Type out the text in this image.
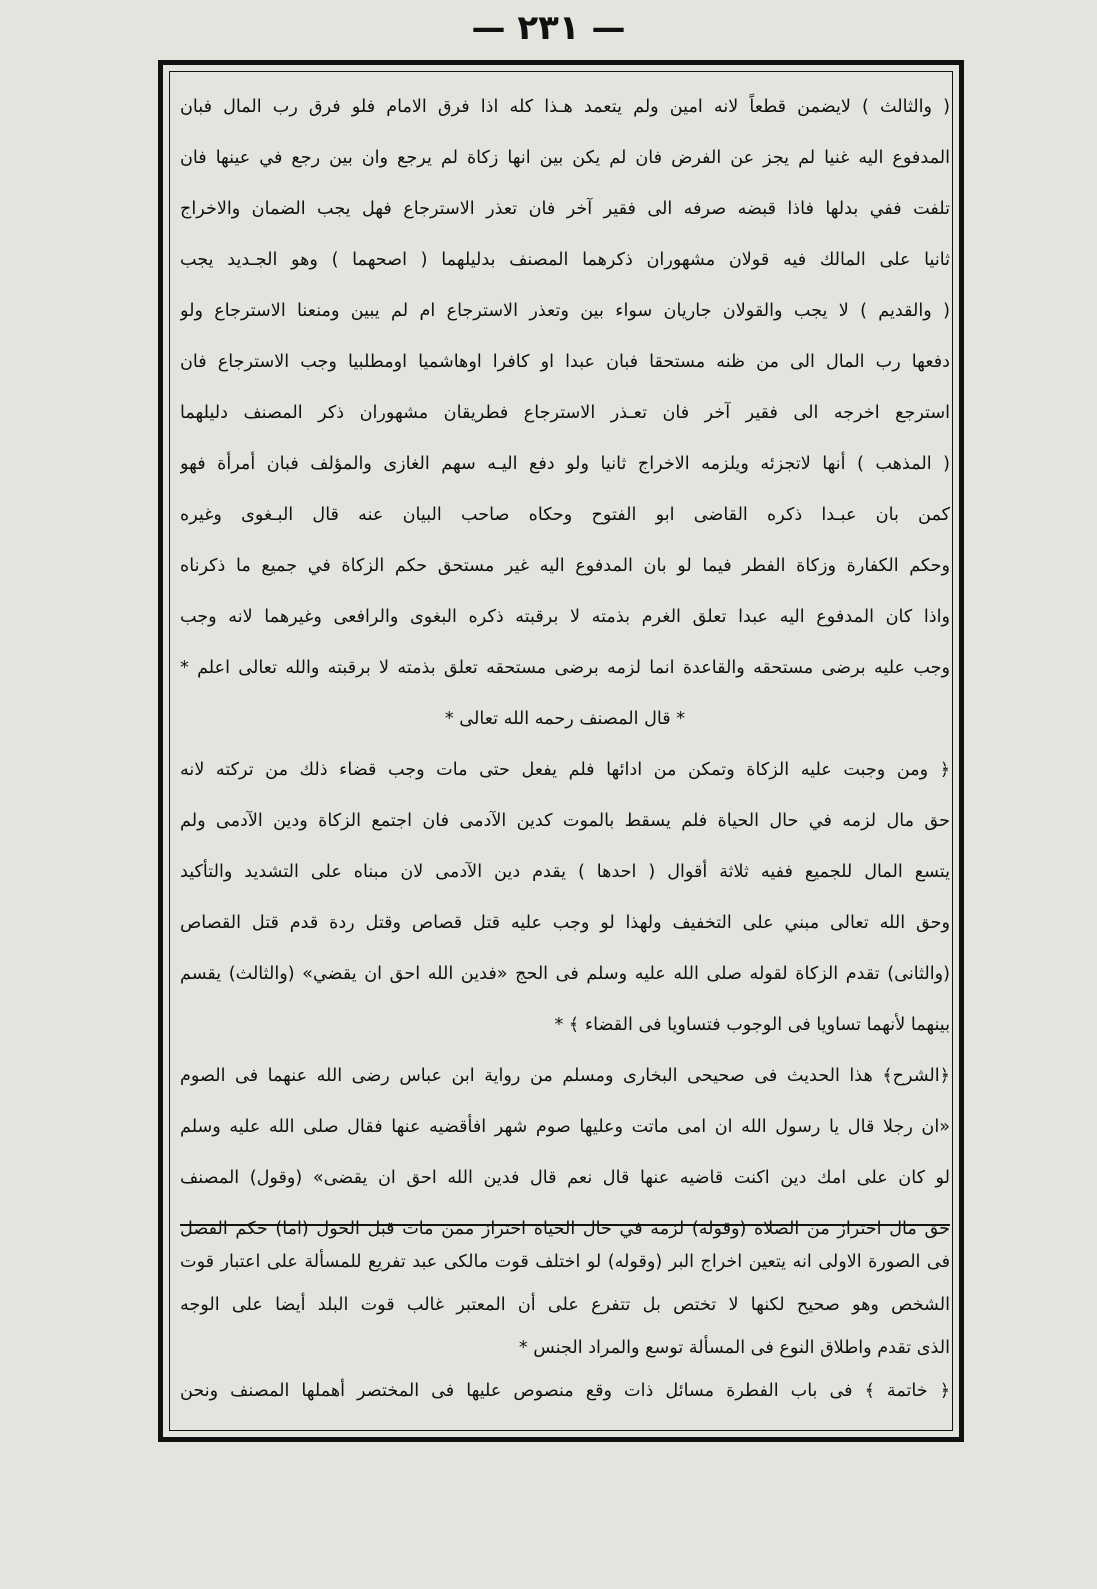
— ٢٣١ —
( والثالث ) لايضمن قطعاً لانه امين ولم يتعمد هـذا كله اذا فرق الامام فلو فرق رب المال فبان
المدفوع اليه غنيا لم يجز عن الفرض فان لم يكن بين انها زكاة لم يرجع وان بين رجع في عينها فان
تلفت ففي بدلها فاذا قبضه صرفه الى فقير آخر فان تعذر الاسترجاع فهل يجب الضمان والاخراج
ثانيا على المالك فيه قولان مشهوران ذكرهما المصنف بدليلهما ( اصحهما ) وهو الجـديد يجب
( والقديم ) لا يجب والقولان جاريان سواء بين وتعذر الاسترجاع ام لم يبين ومنعنا الاسترجاع ولو
دفعها رب المال الى من ظنه مستحقا فبان عبدا او كافرا اوهاشميا اومطلبيا وجب الاسترجاع فان
استرجع اخرجه الى فقير آخر فان تعـذر الاسترجاع فطريقان مشهوران ذكر المصنف دليلهما
( المذهب ) أنها لاتجزئه ويلزمه الاخراج ثانيا ولو دفع اليـه سهم الغازى والمؤلف فبان أمرأة فهو
كمن بان عبـدا ذكره القاضى ابو الفتوح وحكاه صاحب البيان عنه قال البـغوى وغيره
وحكم الكفارة وزكاة الفطر فيما لو بان المدفوع اليه غير مستحق حكم الزكاة في جميع ما ذكرناه
واذا كان المدفوع اليه عبدا تعلق الغرم بذمته لا برقبته ذكره البغوى والرافعى وغيرهما لانه وجب
وجب عليه برضى مستحقه والقاعدة انما لزمه برضى مستحقه تعلق بذمته لا برقبته والله تعالى اعلم *
* قال المصنف رحمه الله تعالى *
﴿ ومن وجبت عليه الزكاة وتمكن من ادائها فلم يفعل حتى مات وجب قضاء ذلك من تركته لانه
حق مال لزمه في حال الحياة فلم يسقط بالموت كدين الآدمى فان اجتمع الزكاة ودين الآدمى ولم
يتسع المال للجميع ففيه ثلاثة أقوال ( احدها ) يقدم دين الآدمى لان مبناه على التشديد والتأكيد
وحق الله تعالى مبني على التخفيف ولهذا لو وجب عليه قتل قصاص وقتل ردة قدم قتل القصاص
(والثانى) تقدم الزكاة لقوله صلى الله عليه وسلم فى الحج «فدين الله احق ان يقضي» (والثالث) يقسم
بينهما لأنهما تساويا فى الوجوب فتساويا فى القضاء ﴾ *
﴿الشرح﴾ هذا الحديث فى صحيحى البخارى ومسلم من رواية ابن عباس رضى الله عنهما فى الصوم
«ان رجلا قال يا رسول الله ان امى ماتت وعليها صوم شهر افأقضيه عنها فقال صلى الله عليه وسلم
لو كان على امك دين اكنت قاضيه عنها قال نعم قال فدين الله احق ان يقضى» (وقول) المصنف
حق مال احتراز من الصلاة (وقوله) لزمه في حال الحياة احتراز ممن مات قبل الحول (اما) حكم الفصل
فى الصورة الاولى انه يتعين اخراج البر (وقوله) لو اختلف قوت مالكى عبد تفريع للمسألة على اعتبار قوت
الشخص وهو صحيح لكنها لا تختص بل تتفرع على أن المعتبر غالب قوت البلد أيضا على الوجه
الذى تقدم واطلاق النوع فى المسألة توسع والمراد الجنس *
﴿ خاتمة ﴾ فى باب الفطرة مسائل ذات وقع منصوص عليها فى المختصر أهملها المصنف ونحن
